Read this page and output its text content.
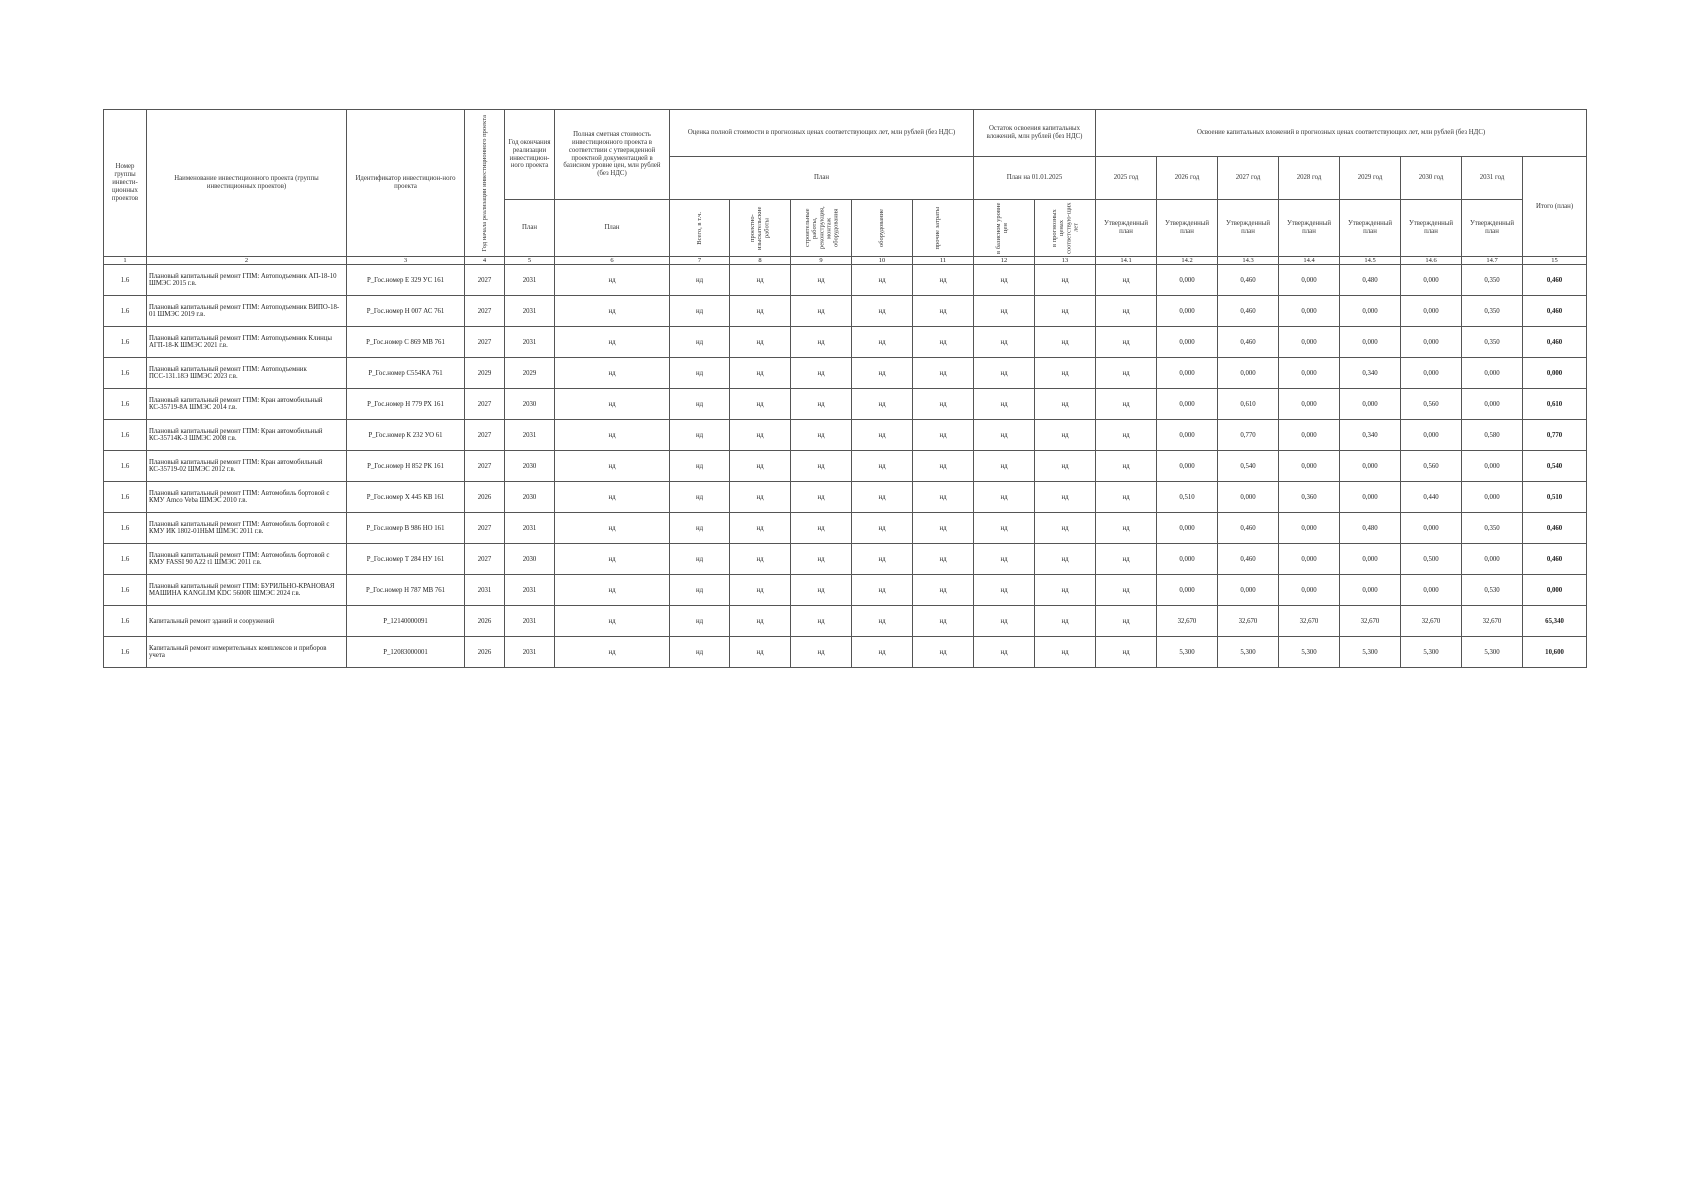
Номер группы инвести-ционных проектов	Наименование инвестиционного проекта (группы инвестиционных проектов)	Идентификатор инвестицион-ного проекта	Год начала реализации инвестиционного проекта	Год окончания реализации инвестицион-ного проекта	Полная сметная стоимость инвестиционного проекта в соответствии с утвержденной проектной документацией в базисном уровне цен, млн рублей (без НДС)	Оценка полной стоимости в прогнозных ценах соответствующих лет, млн рублей (без НДС)					Остаток освоения капитальных вложений, млн рублей (без НДС)		Освоение капитальных вложений в прогнозных ценах соответствующих лет, млн рублей (без НДС)							
						План					План на 01.01.2025		2025 год	2026 год	2027 год	2028 год	2029 год	2030 год	2031 год	Итого (план)
				План	План	Всего, в т.ч.	проектно-изыскательские работы	строительные работы, реконструкция, монтаж оборудования	оборудование	прочие затраты	в базисном уровне цен	в прогнозных ценах соответствую-щих лет	Утвержденный план	Утвержденный план	Утвержденный план	Утвержденный план	Утвержденный план	Утвержденный план	Утвержденный план	
1	2	3	4	5	6	7	8	9	10	11	12	13	14.1	14.2	14.3	14.4	14.5	14.6	14.7	15
1.6	Плановый капитальный ремонт ГПМ: Автоподъемник АП-18-10 ШМЭС 2015 г.в.	P_Гос.номер Е 329 УС 161	2027	2031	нд	нд	нд	нд	нд	нд	нд	нд	нд	0,000	0,460	0,000	0,480	0,000	0,350	0,460
1.6	Плановый капитальный ремонт ГПМ: Автоподъемник ВИПО-18-01 ШМЭС 2019 г.в.	P_Гос.номер Н 007 АС 761	2027	2031	нд	нд	нд	нд	нд	нд	нд	нд	нд	0,000	0,460	0,000	0,000	0,000	0,350	0,460
1.6	Плановый капитальный ремонт ГПМ: Автоподъемник Клинцы АГП-18-К ШМЭС 2021 г.в.	P_Гос.номер С 869 МВ 761	2027	2031	нд	нд	нд	нд	нд	нд	нд	нд	нд	0,000	0,460	0,000	0,000	0,000	0,350	0,460
1.6	Плановый капитальный ремонт ГПМ: Автоподъемник ПСС-131.18Э ШМЭС 2023 г.в.	P_Гос.номер С554КА 761	2029	2029	нд	нд	нд	нд	нд	нд	нд	нд	нд	0,000	0,000	0,000	0,340	0,000	0,000	0,000
1.6	Плановый капитальный ремонт ГПМ: Кран автомобильный КС-35719-8А ШМЭС 2014 г.в.	P_Гос.номер Н 779 РХ 161	2027	2030	нд	нд	нд	нд	нд	нд	нд	нд	нд	0,000	0,610	0,000	0,000	0,560	0,000	0,610
1.6	Плановый капитальный ремонт ГПМ: Кран автомобильный КС-35714К-3 ШМЭС 2008 г.в.	P_Гос.номер К 232 УО 61	2027	2031	нд	нд	нд	нд	нд	нд	нд	нд	нд	0,000	0,770	0,000	0,340	0,000	0,580	0,770
1.6	Плановый капитальный ремонт ГПМ: Кран автомобильный КС-35719-02 ШМЭС 2012 г.в.	P_Гос.номер Н 852 РК 161	2027	2030	нд	нд	нд	нд	нд	нд	нд	нд	нд	0,000	0,540	0,000	0,000	0,560	0,000	0,540
1.6	Плановый капитальный ремонт ГПМ: Автомобиль бортовой с КМУ Amco Veba ШМЭС 2010 г.в.	P_Гос.номер Х 445 КВ 161	2026	2030	нд	нд	нд	нд	нд	нд	нд	нд	нд	0,510	0,000	0,360	0,000	0,440	0,000	0,510
1.6	Плановый капитальный ремонт ГПМ: Автомобиль бортовой с КМУ ИК 1802-01НЬМ ШМЭС 2011 г.в.	P_Гос.номер В 986 НО 161	2027	2031	нд	нд	нд	нд	нд	нд	нд	нд	нд	0,000	0,460	0,000	0,480	0,000	0,350	0,460
1.6	Плановый капитальный ремонт ГПМ: Автомобиль бортовой с КМУ FASSI 90 A22 t1 ШМЭС 2011 г.в.	P_Гос.номер Т 284 НУ 161	2027	2030	нд	нд	нд	нд	нд	нд	нд	нд	нд	0,000	0,460	0,000	0,000	0,500	0,000	0,460
1.6	Плановый капитальный ремонт ГПМ: БУРИЛЬНО-КРАНОВАЯ МАШИНА KANGLIM KDC 5600R ШМЭС 2024 г.в.	P_Гос.номер Н 787 МВ 761	2031	2031	нд	нд	нд	нд	нд	нд	нд	нд	нд	0,000	0,000	0,000	0,000	0,000	0,530	0,000
1.6	Капитальный ремонт зданий и сооружений	P_12140000091	2026	2031	нд	нд	нд	нд	нд	нд	нд	нд	нд	32,670	32,670	32,670	32,670	32,670	32,670	65,340
1.6	Капитальный ремонт измерительных комплексов и приборов учета	P_12083000001	2026	2031	нд	нд	нд	нд	нд	нд	нд	нд	нд	5,300	5,300	5,300	5,300	5,300	5,300	10,600
